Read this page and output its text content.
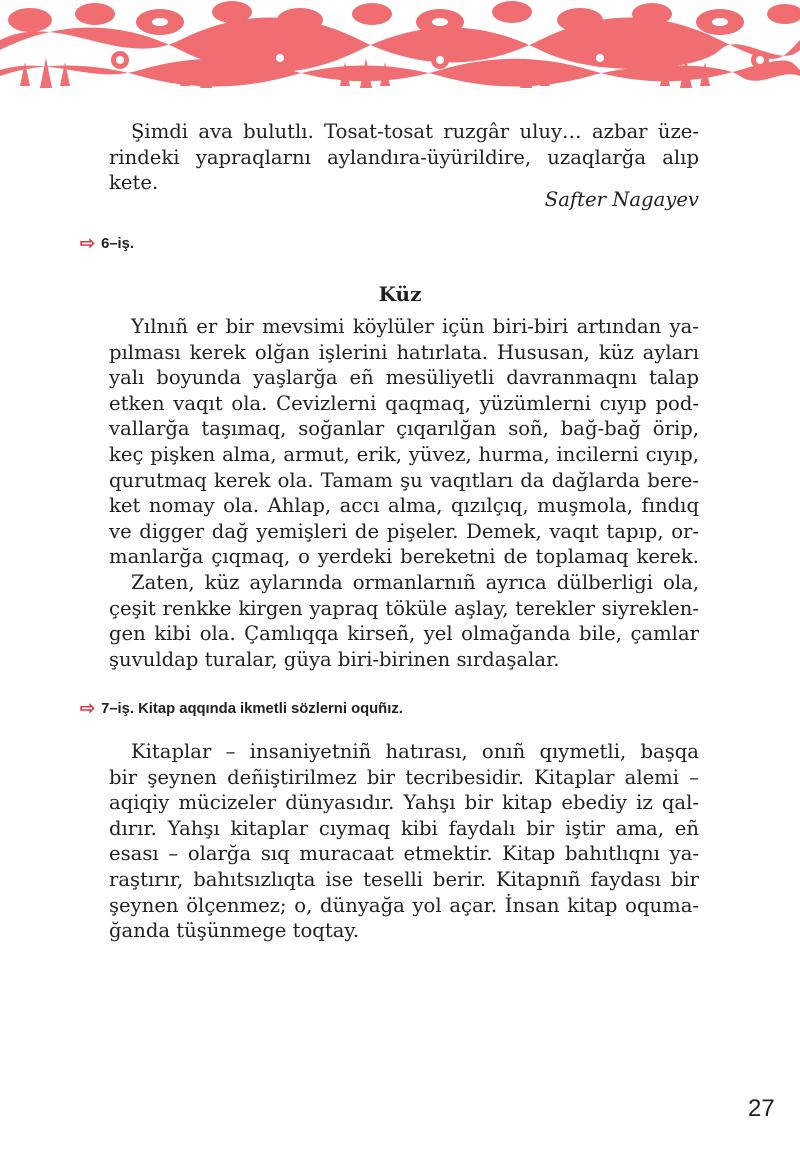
Şimdi ava bulutlı. Tosat-tosat ruzgâr uluy… azbar üze-
rindeki yapraqlarnı aylandıra-üyürildire, uzaqlarğa alıp
kete.

Safter Nagayev
⇨ 6–iş.
Küz

Yılnıñ er bir mevsimi köylüler içün biri-biri artından ya-
pılması kerek olğan işlerini hatırlata. Hususan, küz ayları
yalı boyunda yaşlarğa eñ mesüliyetli davranmaqnı talap
etken vaqıt ola. Cevizlerni qaqmaq, yüzümlerni cıyıp pod-
vallarğa taşımaq, soğanlar çıqarılğan soñ, bağ-bağ örip,
keç pişken alma, armut, erik, yüvez, hurma, incilerni cıyıp,
qurutmaq kerek ola. Tamam şu vaqıtları da dağlarda bere-
ket nomay ola. Ahlap, accı alma, qızılçıq, muşmola, fındıq
ve digger dağ yemişleri de pişeler. Demek, vaqıt tapıp, or-
manlarğa çıqmaq, o yerdeki bereketni de toplamaq kerek.

Zaten, küz aylarında ormanlarnıñ ayrıca dülberligi ola,
çeşit renkke kirgen yapraq töküle aşlay, terekler siyreklen-
gen kibi ola. Çamlıqqa kirseñ, yel olmağanda bile, çamlar
şuvuldap turalar, güya biri-birinen sırdaşalar.

⇨ 7–iş. Kitap aqqında ikmetli sözlerni oquñız.

Kitaplar – insaniyetniñ hatırası, onıñ qıymetli, başqa
bir şeynen deñiştirilmez bir tecribesidir. Kitaplar alemi –
aqiqiy mücizeler dünyasıdır. Yahşı bir kitap ebediy iz qal-
dırır. Yahşı kitaplar cıymaq kibi faydalı bir iştir ama, eñ
esası – olarğa sıq muracaat etmektir. Kitap bahıtlıqnı ya-
raştırır, bahıtsızlıqta ise teselli berir. Kitapnıñ faydası bir
şeynen ölçenmez; o, dünyağa yol açar. İnsan kitap oquma-
ğanda tüşünmege toqtay.

27
